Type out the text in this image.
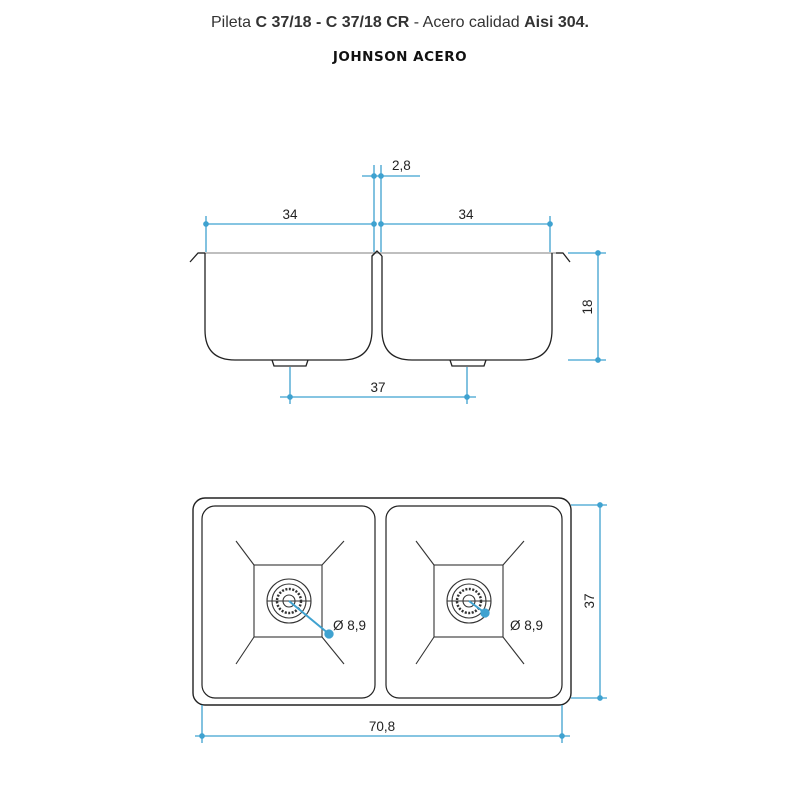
Pileta C 37/18 - C 37/18 CR - Acero calidad Aisi 304.
JOHNSON ACERO
2,8
34	34
18
37
Ø 8,9	Ø 8,9
37
70,8
